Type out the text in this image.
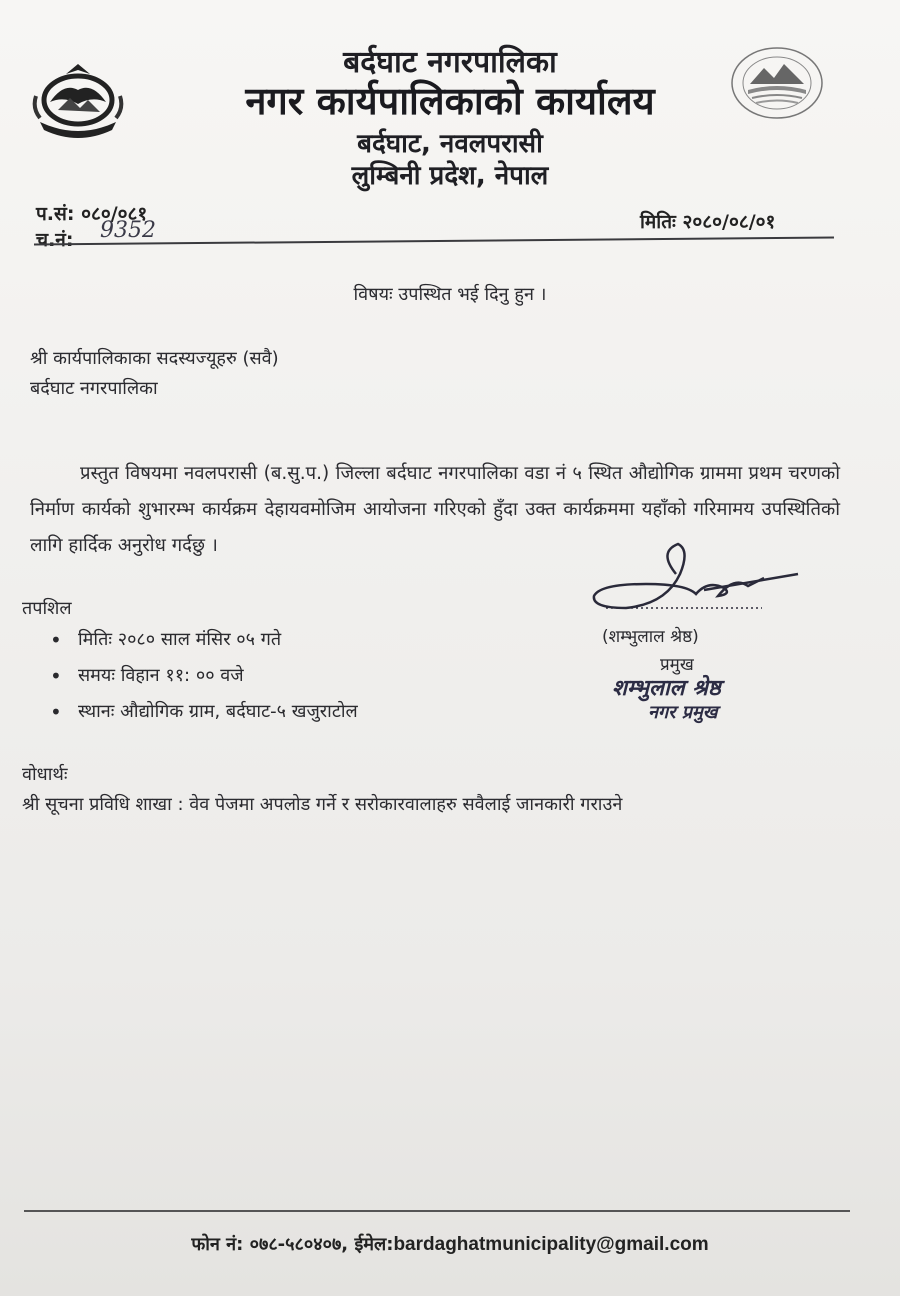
बर्दघाट नगरपालिका
नगर कार्यपालिकाको कार्यालय
बर्दघाट, नवलपरासी
लुम्बिनी प्रदेश, नेपाल
प.सं: ०८०/०८१
च.नं: 9352	मितिः २०८०/०८/०१
विषयः उपस्थित भई दिनु हुन ।
श्री कार्यपालिकाका सदस्यज्यूहरु (सवै)
बर्दघाट नगरपालिका
प्रस्तुत विषयमा नवलपरासी (ब.सु.प.) जिल्ला बर्दघाट नगरपालिका वडा नं ५ स्थित औद्योगिक ग्राममा प्रथम चरणको निर्माण कार्यको शुभारम्भ कार्यक्रम देहायवमोजिम आयोजना गरिएको हुँदा उक्त कार्यक्रममा यहाँको गरिमामय उपस्थितिको लागि हार्दिक अनुरोध गर्दछु ।
तपशिल
• मितिः २०८० साल मंसिर ०५ गते
• समयः विहान ११: ०० वजे
• स्थानः औद्योगिक ग्राम, बर्दघाट-५ खजुराटोल
(शम्भुलाल श्रेष्ठ)
प्रमुख
शम्भुलाल श्रेष्ठ
नगर प्रमुख
वोधार्थः
श्री सूचना प्रविधि शाखा : वेव पेजमा अपलोड गर्ने र सरोकारवालाहरु सवैलाई जानकारी गराउने
फोन नं: ०७८-५८०४०७, ईमेल:bardaghatmunicipality@gmail.com
